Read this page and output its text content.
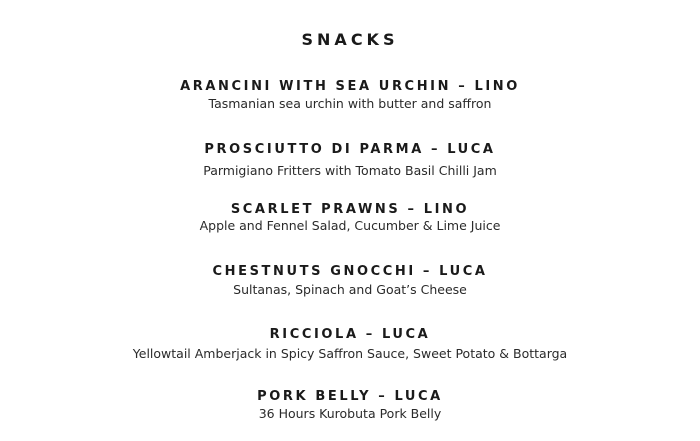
SNACKS
ARANCINI WITH SEA URCHIN – LINO
Tasmanian sea urchin with butter and saffron
PROSCIUTTO DI PARMA – LUCA
Parmigiano Fritters with Tomato Basil Chilli Jam
SCARLET PRAWNS – LINO
Apple and Fennel Salad, Cucumber & Lime Juice
CHESTNUTS GNOCCHI – LUCA
Sultanas, Spinach and Goat’s Cheese
RICCIOLA – LUCA
Yellowtail Amberjack in Spicy Saffron Sauce, Sweet Potato & Bottarga
PORK BELLY – LUCA
36 Hours Kurobuta Pork Belly
